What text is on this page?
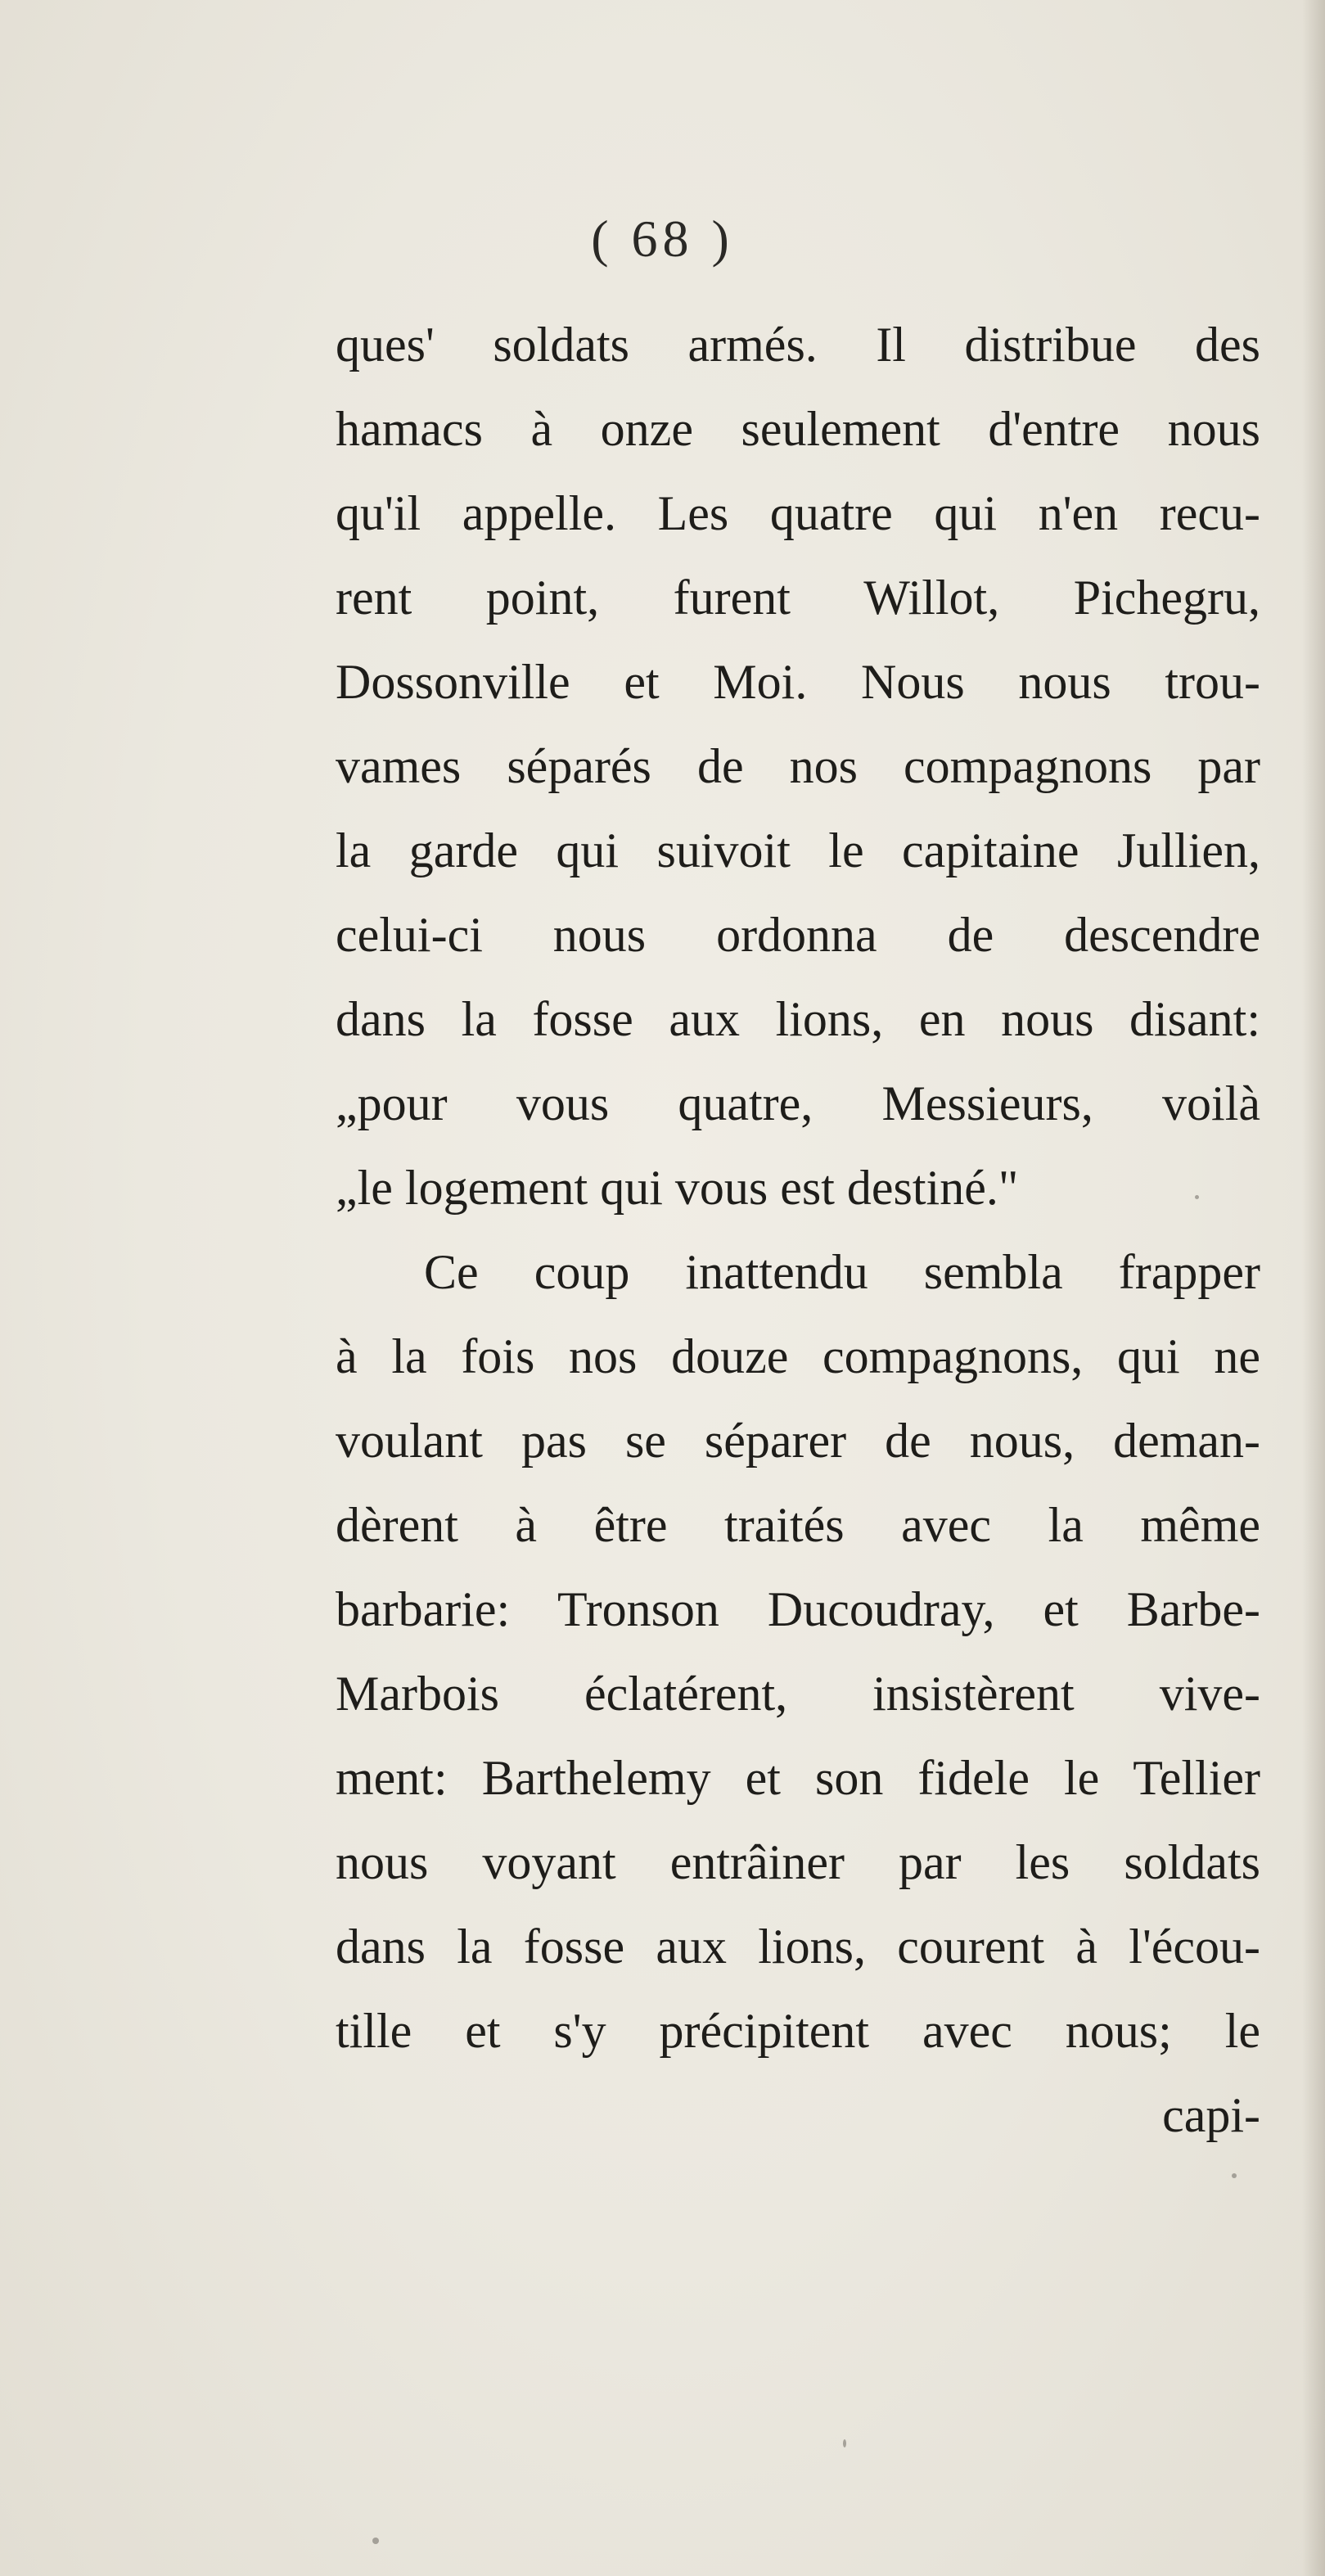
( 68 )
ques' soldats armés. Il distribue des
hamacs à onze seulement d'entre nous
qu'il appelle. Les quatre qui n'en recu-
rent point, furent Willot, Pichegru,
Dossonville et Moi. Nous nous trou-
vames séparés de nos compagnons par
la garde qui suivoit le capitaine Jullien,
celui-ci nous ordonna de descendre
dans la fosse aux lions, en nous disant:
„pour vous quatre, Messieurs, voilà
„le logement qui vous est destiné."
Ce coup inattendu sembla frapper
à la fois nos douze compagnons, qui ne
voulant pas se séparer de nous, deman-
dèrent à être traités avec la même
barbarie: Tronson Ducoudray, et Barbe-
Marbois éclatérent, insistèrent vive-
ment: Barthelemy et son fidele le Tellier
nous voyant entrâiner par les soldats
dans la fosse aux lions, courent à l'écou-
tille et s'y précipitent avec nous; le
capi-
